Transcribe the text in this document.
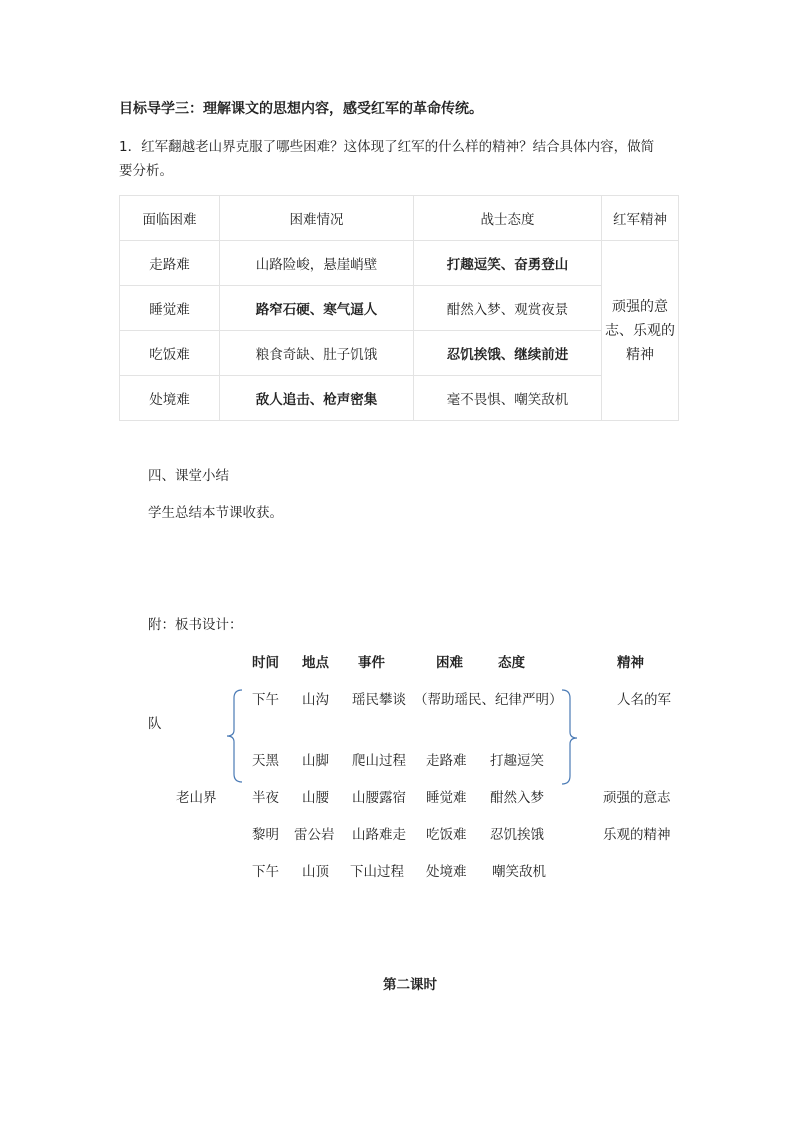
目标导学三：理解课文的思想内容，感受红军的革命传统。
1．红军翻越老山界克服了哪些困难？这体现了红军的什么样的精神？结合具体内容，做简
要分析。
面临困难	困难情况	战士态度	红军精神
走路难	山路险峻，悬崖峭壁	打趣逗笑、奋勇登山	顽强的意志、乐观的精神
睡觉难	路窄石硬、寒气逼人	酣然入梦、观赏夜景	
吃饭难	粮食奇缺、肚子饥饿	忍饥挨饿、继续前进	
处境难	敌人追击、枪声密集	毫不畏惧、嘲笑敌机	
四、课堂小结
学生总结本节课收获。
附：板书设计：
时间 地点 事件	困难	态度	精神
下午 山沟 瑶民攀谈 （帮助瑶民、纪律严明）	人名的军
队
天黑 山脚 爬山过程 走路难 打趣逗笑
老山界	半夜 山腰 山腰露宿 睡觉难 酣然入梦	顽强的意志
黎明 雷公岩 山路难走 吃饭难 忍饥挨饿	乐观的精神
下午 山顶 下山过程 处境难 嘲笑敌机
第二课时
